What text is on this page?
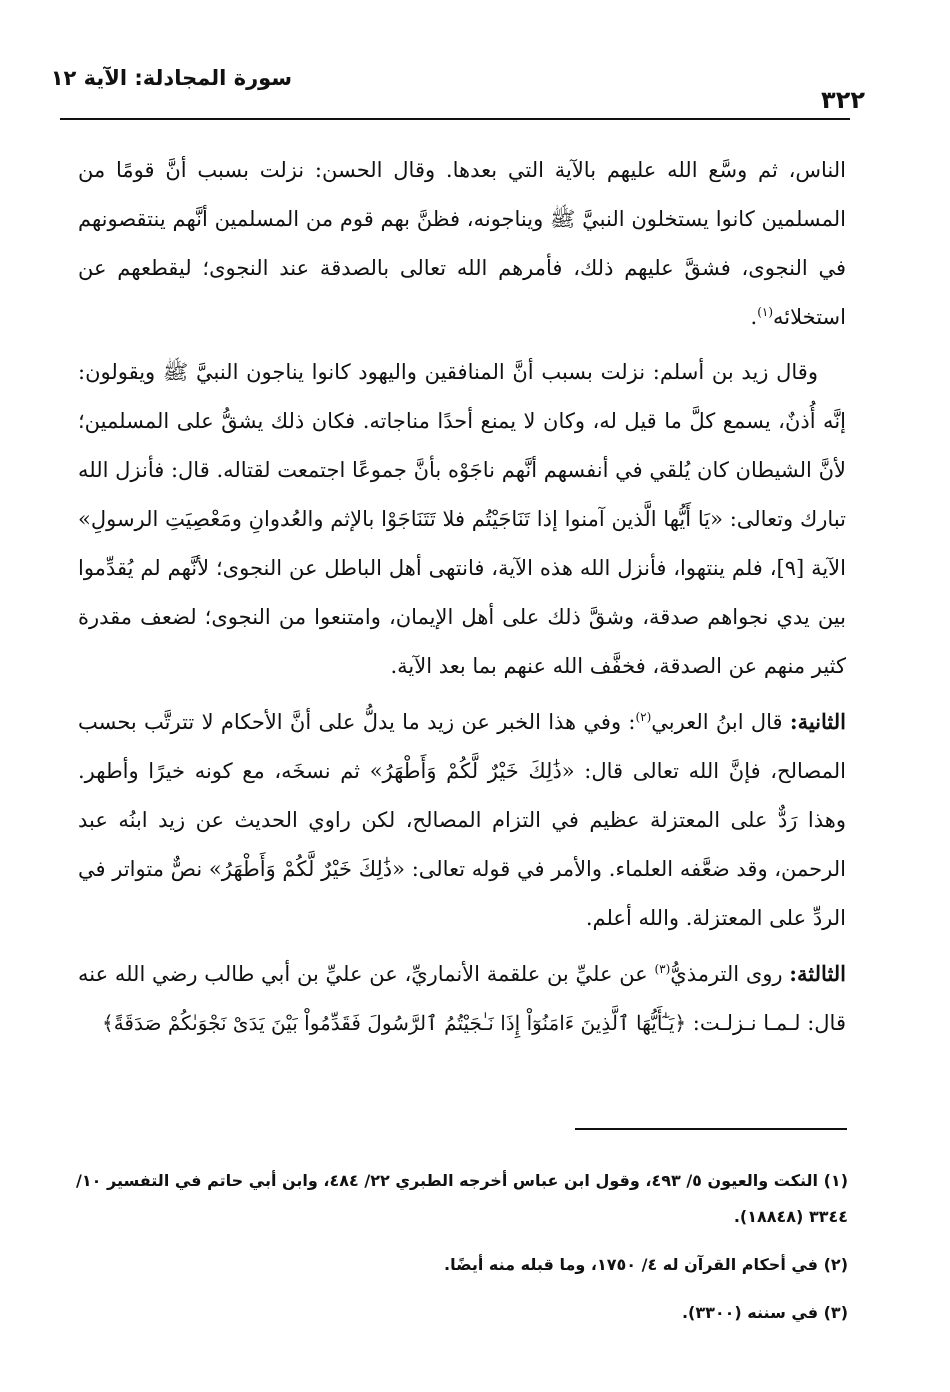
سورة المجادلة: الآية ١٢
٣٢٢

الناس، ثم وسَّع الله عليهم بالآية التي بعدها. وقال الحسن: نزلت بسبب أنَّ قومًا من المسلمين كانوا يستخلون النبيَّ ﷺ ويناجونه، فظنَّ بهم قوم من المسلمين أنَّهم ينتقصونهم في النجوى، فشقَّ عليهم ذلك، فأمرهم الله تعالى بالصدقة عند النجوى؛ ليقطعهم عن استخلائه$^{(١)}$.

وقال زيد بن أسلم: نزلت بسبب أنَّ المنافقين واليهود كانوا يناجون النبيَّ ﷺ ويقولون: إنَّه أُذنٌ، يسمع كلَّ ما قيل له، وكان لا يمنع أحدًا مناجاته. فكان ذلك يشقُّ على المسلمين؛ لأنَّ الشيطان كان يُلقي في أنفسهم أنَّهم ناجَوْه بأنَّ جموعًا اجتمعت لقتاله. قال: فأنزل الله تبارك وتعالى: «يَا أَيُّها الَّذين آمنوا إذا تَنَاجَيْتُم فلا تَتَنَاجَوْا بالإثم والعُدوانِ ومَعْصِيَتِ الرسولِ» الآية [٩]، فلم ينتهوا، فأنزل الله هذه الآية، فانتهى أهل الباطل عن النجوى؛ لأنَّهم لم يُقدِّموا بين يدي نجواهم صدقة، وشقَّ ذلك على أهل الإيمان، وامتنعوا من النجوى؛ لضعف مقدرة كثير منهم عن الصدقة، فخفَّف الله عنهم بما بعد الآية.

الثانية: قال ابنُ العربي$^{(٢)}$: وفي هذا الخبر عن زيد ما يدلُّ على أنَّ الأحكام لا تترتَّب بحسب المصالح، فإنَّ الله تعالى قال: «ذَٰلِكَ خَيْرٌ لَّكُمْ وَأَطْهَرُ» ثم نسخَه، مع كونه خيرًا وأطهر. وهذا رَدٌّ على المعتزلة عظيم في التزام المصالح، لكن راوي الحديث عن زيد ابنُه عبد الرحمن، وقد ضعَّفه العلماء. والأمر في قوله تعالى: «ذَٰلِكَ خَيْرٌ لَّكُمْ وَأَطْهَرُ» نصٌّ متواتر في الردِّ على المعتزلة. والله أعلم.

الثالثة: روى الترمذيُّ$^{(٣)}$ عن عليِّ بن علقمة الأنماريِّ، عن عليِّ بن أبي طالب رضي الله عنه قال: لـمـا نـزلـت: ﴿يَـٰٓأَيُّهَا ٱلَّذِينَ ءَامَنُوٓاْ إِذَا نَـٰجَيْتُمُ ٱلرَّسُولَ فَقَدِّمُواْ بَيْنَ يَدَىْ نَجْوَىٰكُمْ صَدَقَةً﴾

(١) النكت والعيون ٥/ ٤٩٣، وقول ابن عباس أخرجه الطبري ٢٢/ ٤٨٤، وابن أبي حاتم في التفسير ١٠/ ٣٣٤٤ (١٨٨٤٨).

(٢) في أحكام القرآن له ٤/ ١٧٥٠، وما قبله منه أيضًا.

(٣) في سننه (٣٣٠٠).
